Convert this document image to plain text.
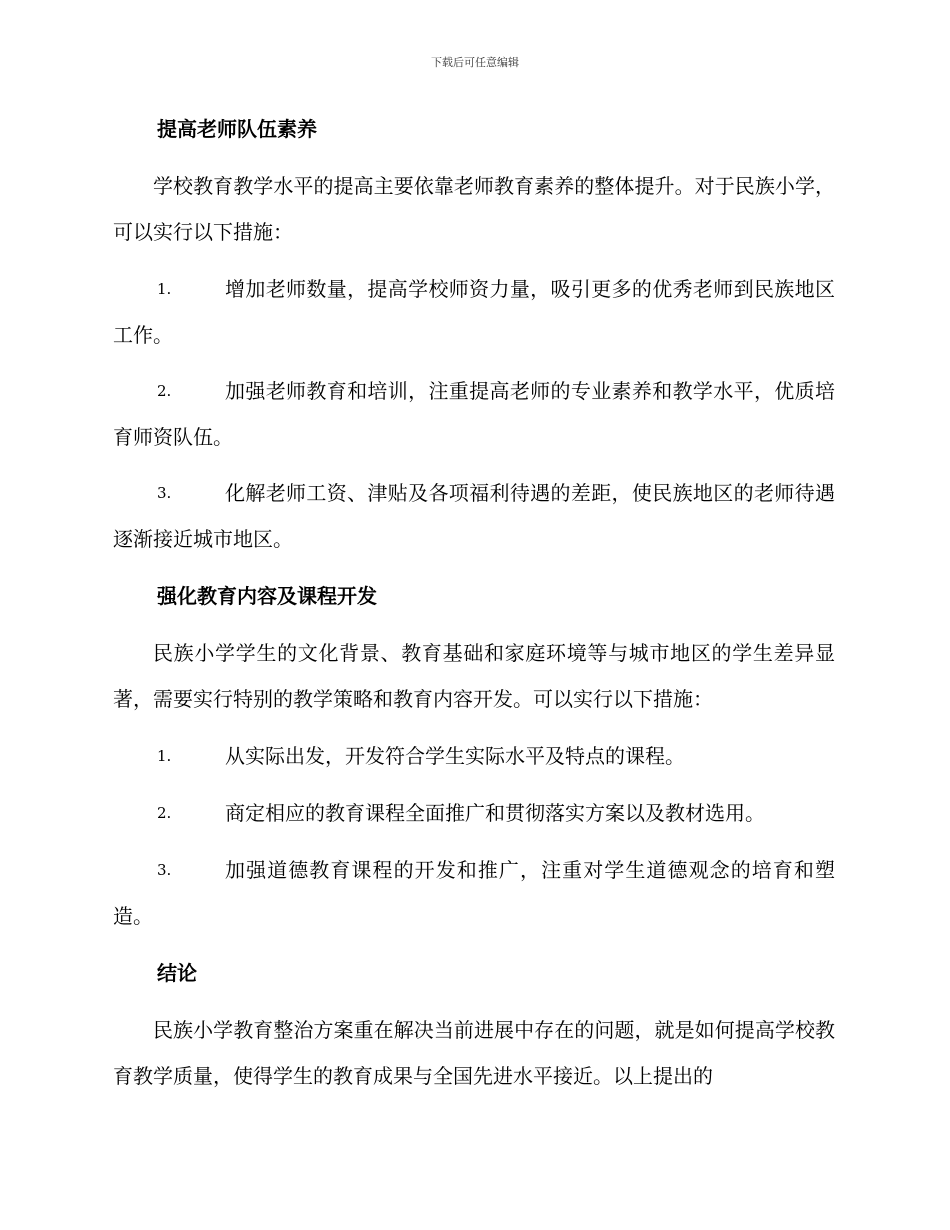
下载后可任意编辑
提高老师队伍素养
学校教育教学水平的提高主要依靠老师教育素养的整体提升。对于民族小学，可以实行以下措施：
1.	增加老师数量，提高学校师资力量，吸引更多的优秀老师到民族地区工作。
2.	加强老师教育和培训，注重提高老师的专业素养和教学水平，优质培育师资队伍。
3.	化解老师工资、津贴及各项福利待遇的差距，使民族地区的老师待遇逐渐接近城市地区。
强化教育内容及课程开发
民族小学学生的文化背景、教育基础和家庭环境等与城市地区的学生差异显著，需要实行特别的教学策略和教育内容开发。可以实行以下措施：
1.	从实际出发，开发符合学生实际水平及特点的课程。
2.	商定相应的教育课程全面推广和贯彻落实方案以及教材选用。
3.	加强道德教育课程的开发和推广，注重对学生道德观念的培育和塑造。
结论
民族小学教育整治方案重在解决当前进展中存在的问题，就是如何提高学校教育教学质量，使得学生的教育成果与全国先进水平接近。以上提出的
